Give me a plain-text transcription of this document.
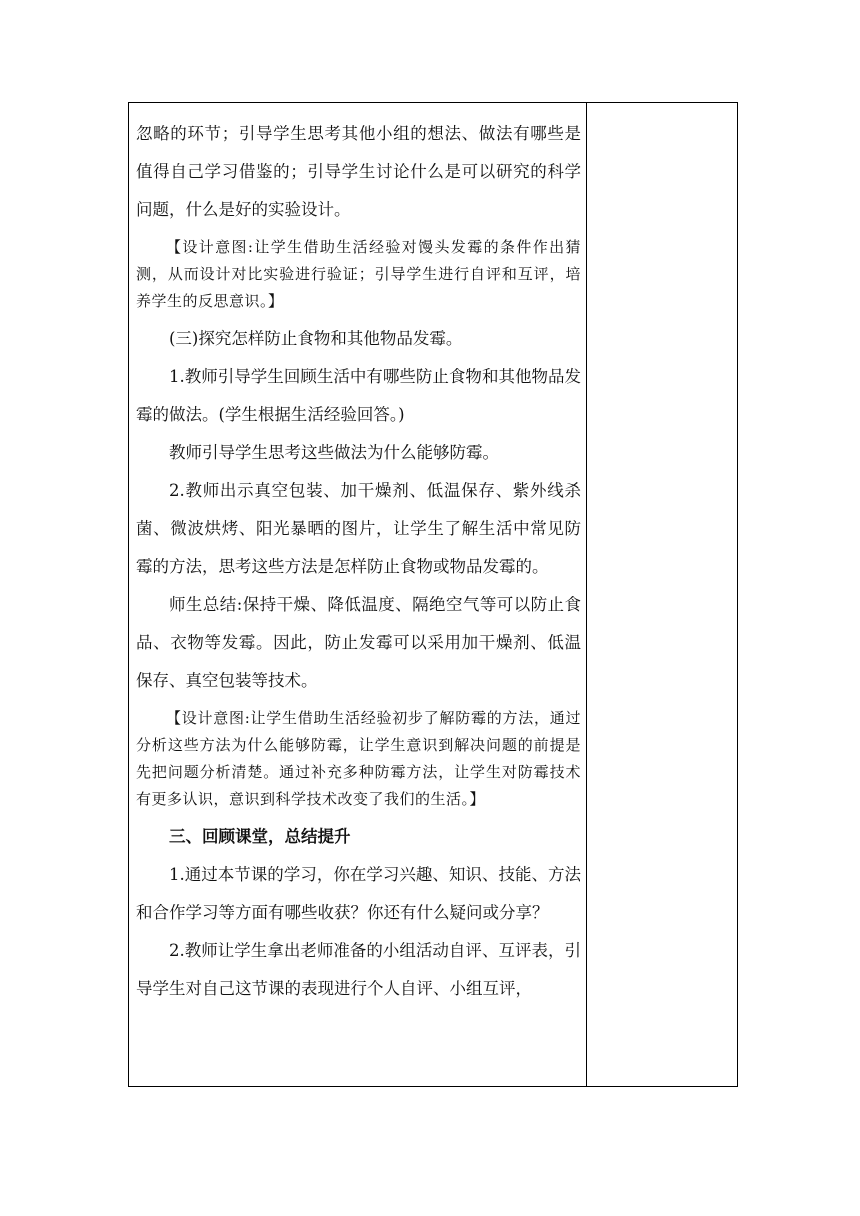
忽略的环节；引导学生思考其他小组的想法、做法有哪些是值得自己学习借鉴的；引导学生讨论什么是可以研究的科学问题，什么是好的实验设计。

【设计意图:让学生借助生活经验对馒头发霉的条件作出猜测，从而设计对比实验进行验证；引导学生进行自评和互评，培养学生的反思意识。】

(三)探究怎样防止食物和其他物品发霉。

1.教师引导学生回顾生活中有哪些防止食物和其他物品发霉的做法。(学生根据生活经验回答。)

教师引导学生思考这些做法为什么能够防霉。

2.教师出示真空包装、加干燥剂、低温保存、紫外线杀菌、微波烘烤、阳光暴晒的图片，让学生了解生活中常见防霉的方法，思考这些方法是怎样防止食物或物品发霉的。

师生总结:保持干燥、降低温度、隔绝空气等可以防止食品、衣物等发霉。因此，防止发霉可以采用加干燥剂、低温保存、真空包装等技术。

【设计意图:让学生借助生活经验初步了解防霉的方法，通过分析这些方法为什么能够防霉，让学生意识到解决问题的前提是先把问题分析清楚。通过补充多种防霉方法，让学生对防霉技术有更多认识，意识到科学技术改变了我们的生活。】

三、回顾课堂，总结提升

1.通过本节课的学习，你在学习兴趣、知识、技能、方法和合作学习等方面有哪些收获？你还有什么疑问或分享？

2.教师让学生拿出老师准备的小组活动自评、互评表，引导学生对自己这节课的表现进行个人自评、小组互评，
